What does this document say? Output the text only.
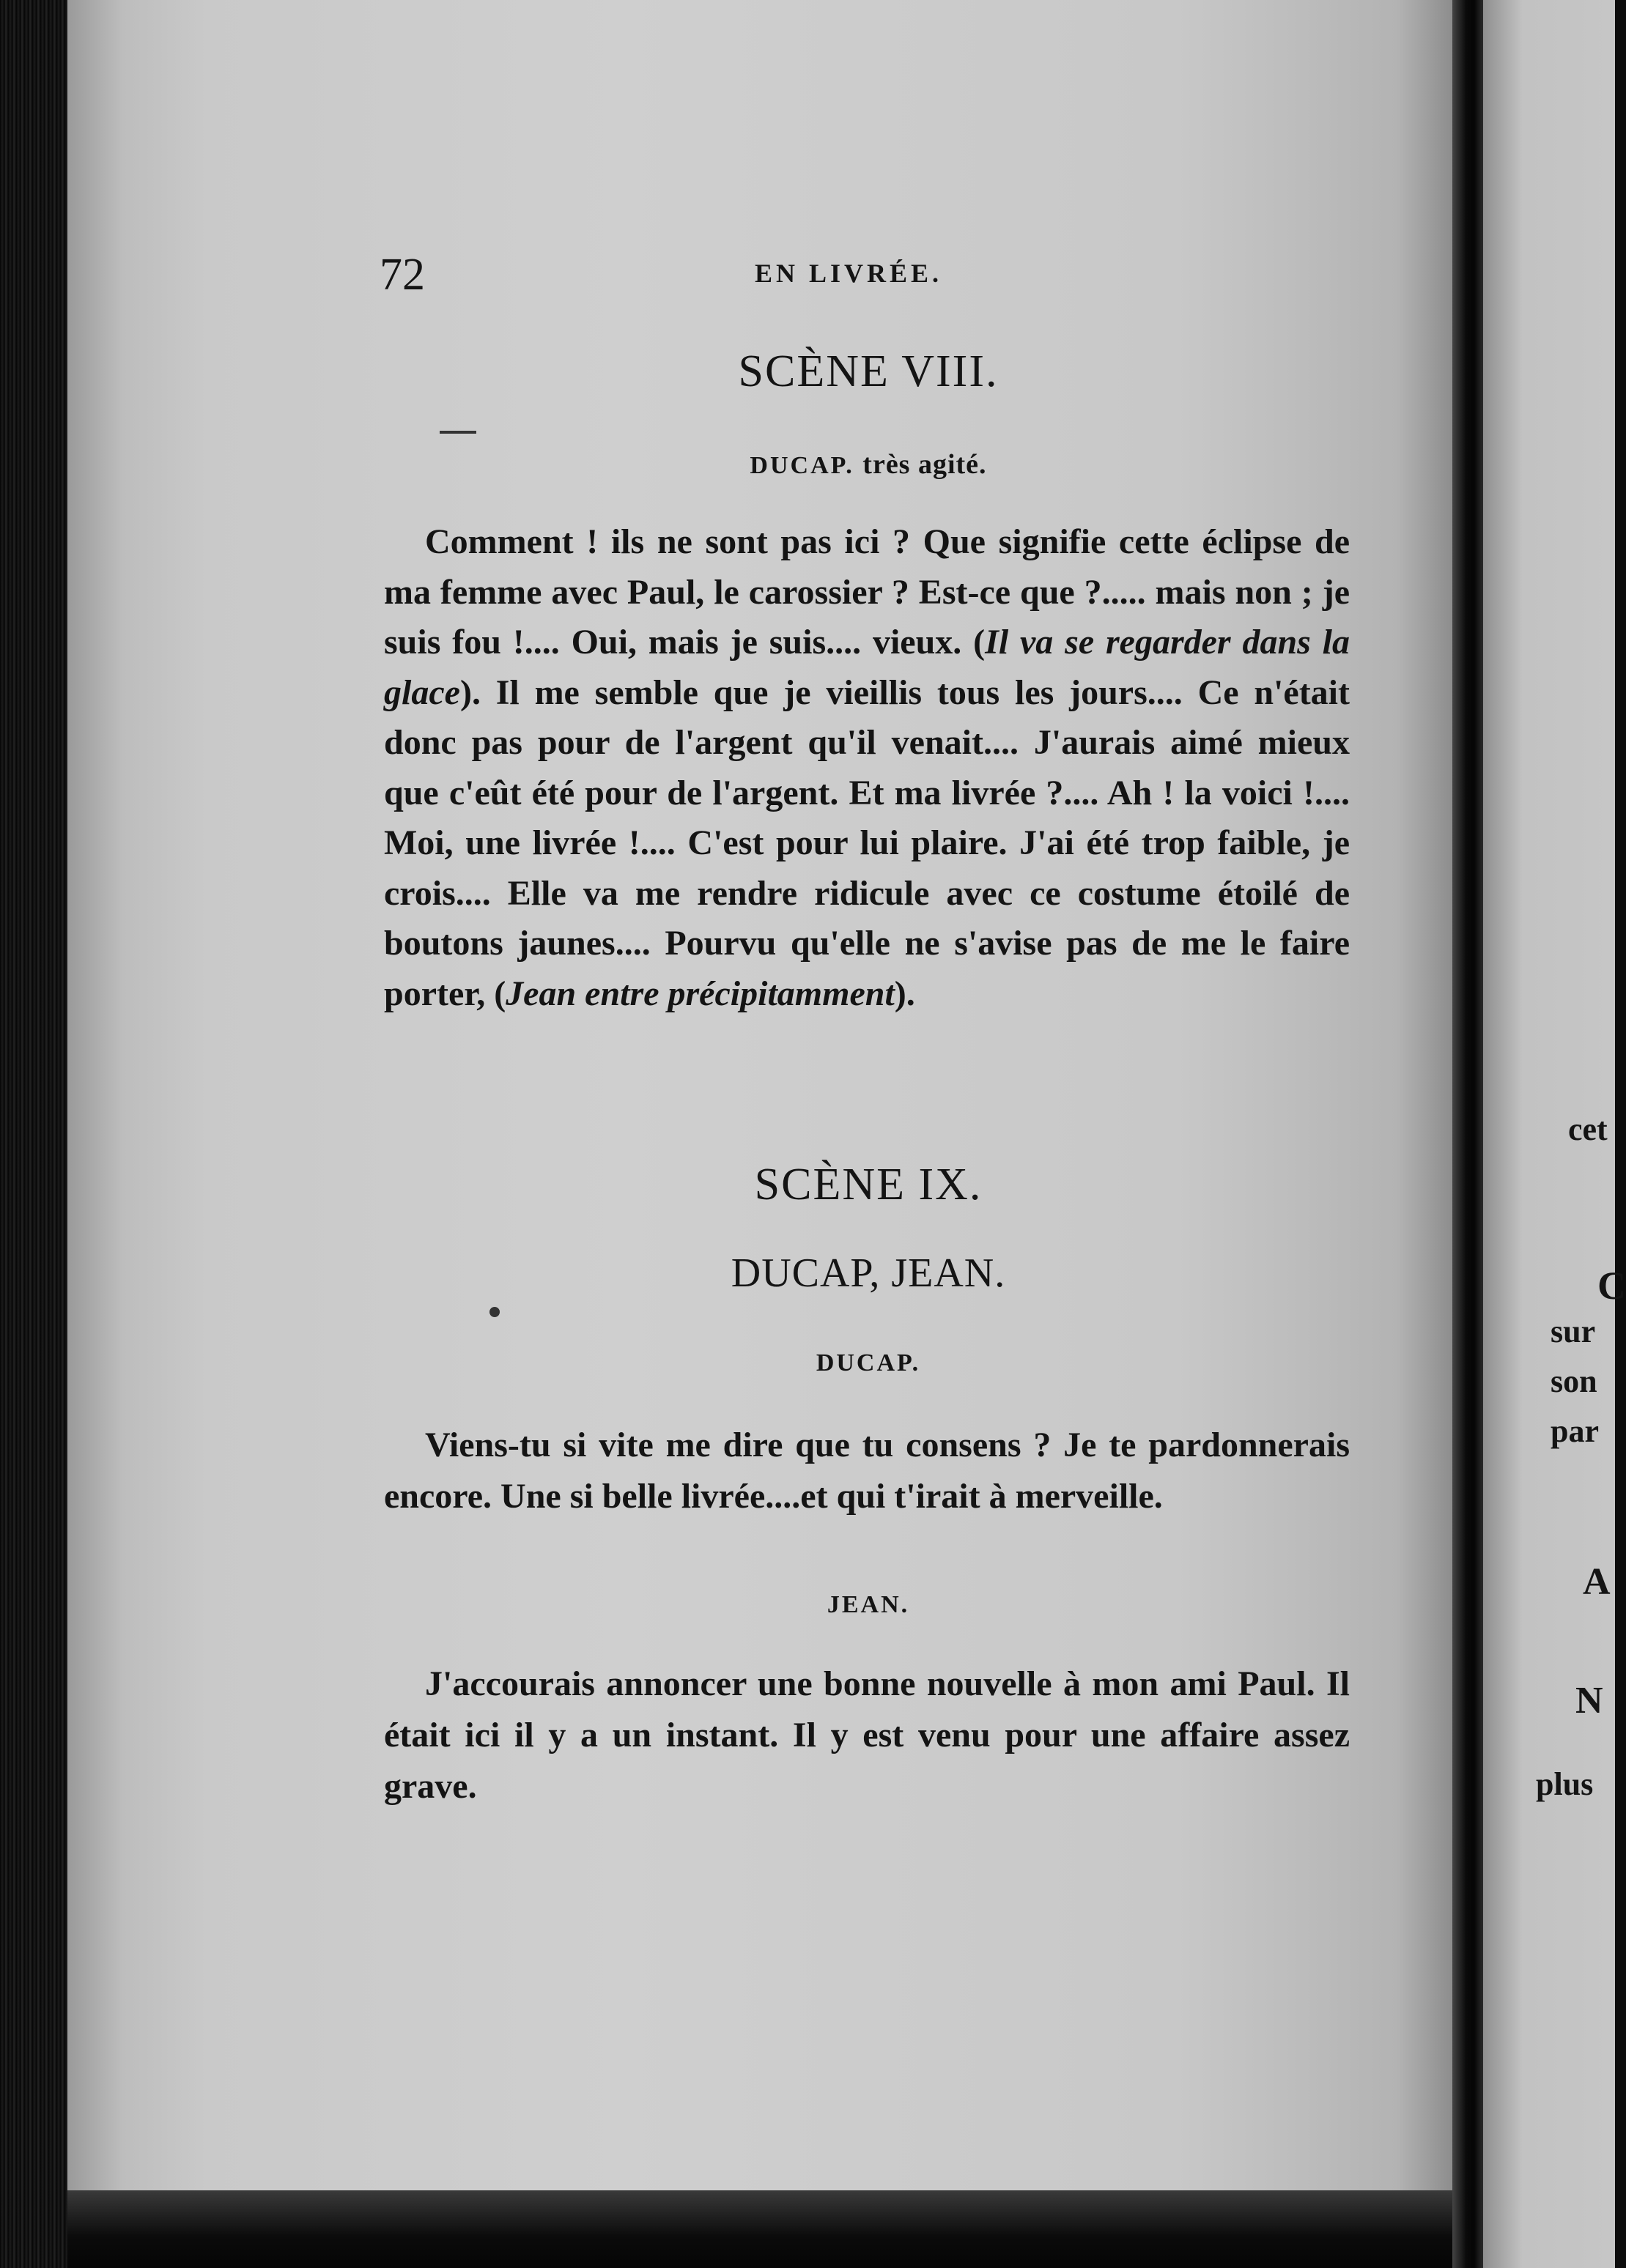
72	EN LIVRÉE.
SCÈNE VIII.
DUCAP. très agité.
Comment ! ils ne sont pas ici ? Que signifie cette éclipse de ma femme avec Paul, le carossier ? Est-ce que ?..... mais non ; je suis fou !.... Oui, mais je suis.... vieux. (Il va se regarder dans la glace). Il me semble que je vieillis tous les jours.... Ce n'était donc pas pour de l'argent qu'il venait.... J'aurais aimé mieux que c'eût été pour de l'argent. Et ma livrée ?.... Ah ! la voici !.... Moi, une livrée !.... C'est pour lui plaire. J'ai été trop faible, je crois.... Elle va me rendre ridicule avec ce costume étoilé de boutons jaunes.... Pourvu qu'elle ne s'avise pas de me le faire porter, (Jean entre précipitamment).
SCÈNE IX.
DUCAP, JEAN.
DUCAP.
Viens-tu si vite me dire que tu consens ? Je te pardonnerais encore. Une si belle livrée....et qui t'irait à merveille.
JEAN.
J'accourais annoncer une bonne nouvelle à mon ami Paul. Il était ici il y a un instant. Il y est venu pour une affaire assez grave.
cet
C
sur
son
par
A
N
plus
